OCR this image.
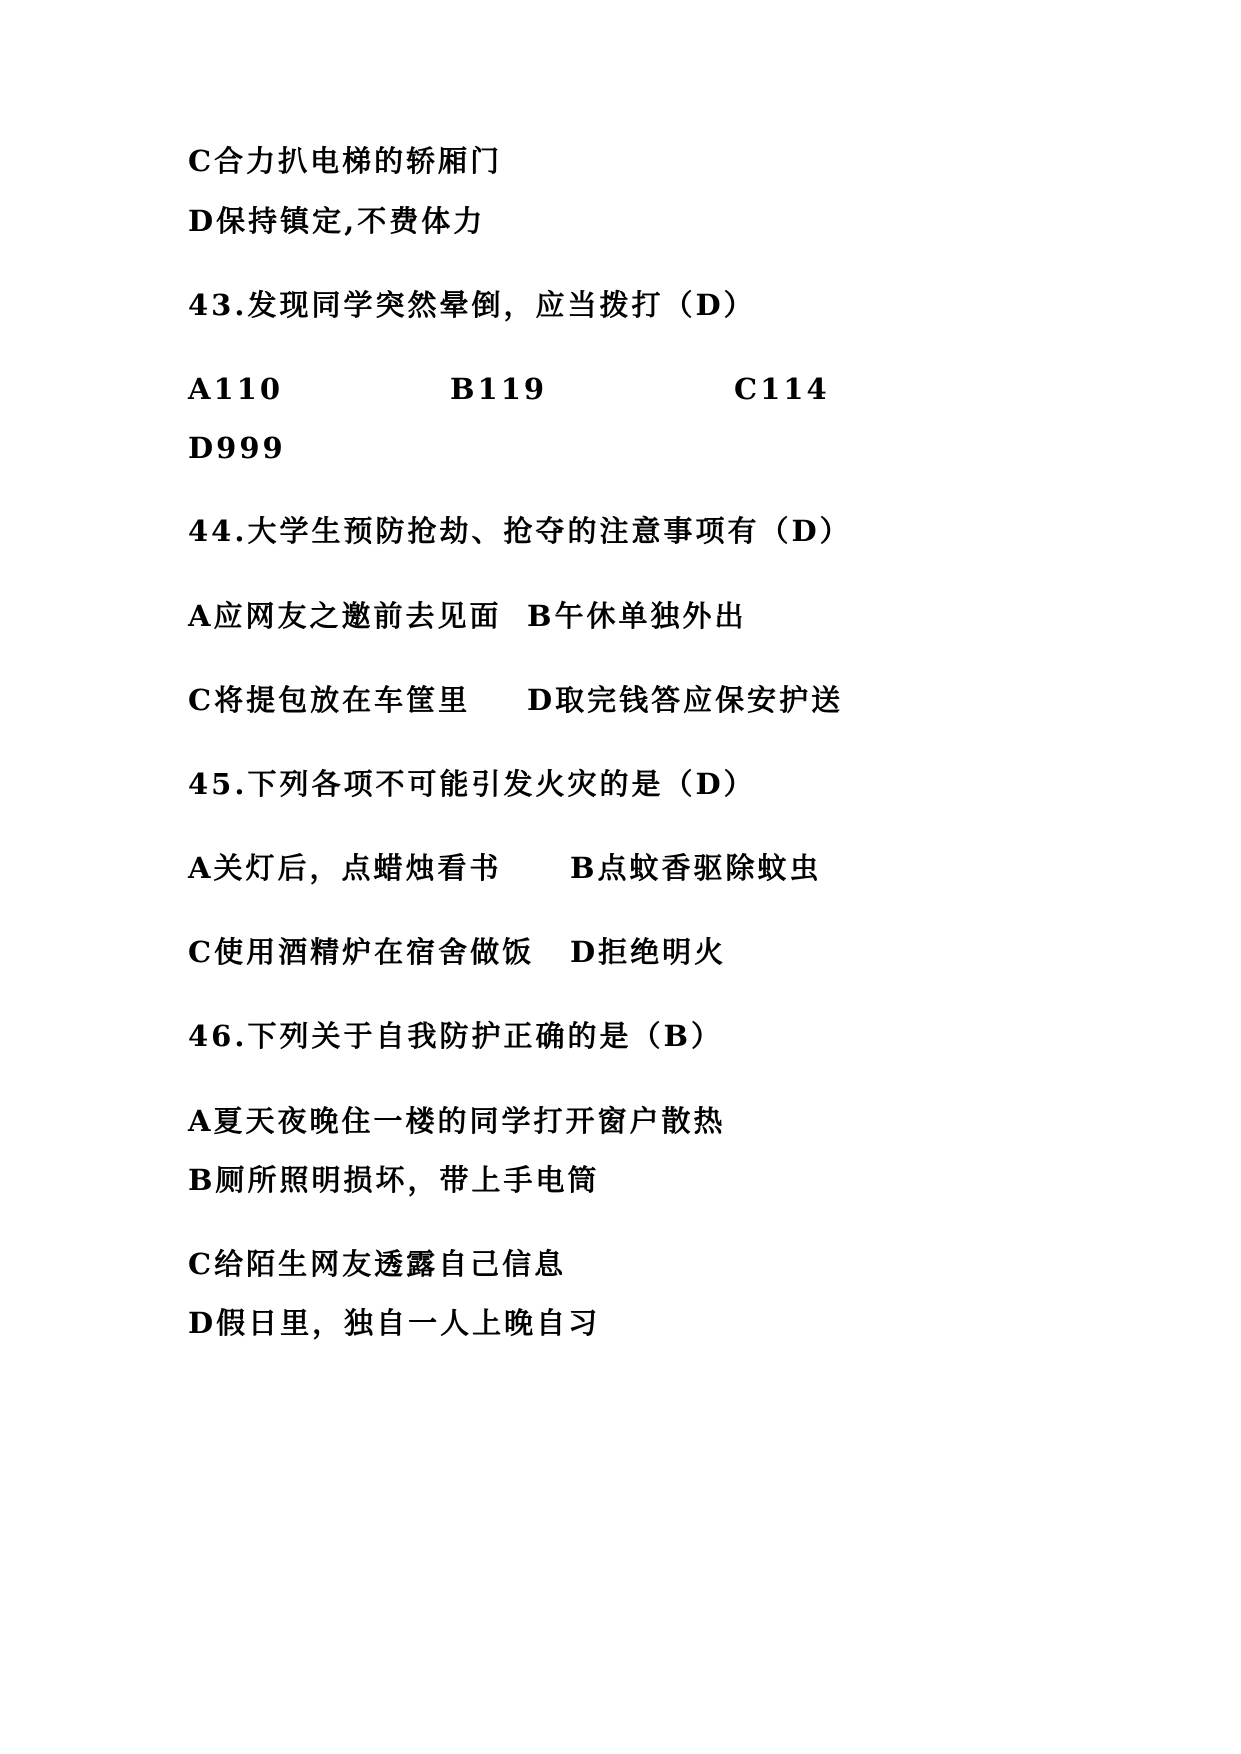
C合力扒电梯的轿厢门
D保持镇定,不费体力
43.发现同学突然晕倒，应当拨打（D）
A110	B119	C114
D999
44.大学生预防抢劫、抢夺的注意事项有（D）
A应网友之邀前去见面 B午休单独外出
C将提包放在车筐里 D取完钱答应保安护送
45.下列各项不可能引发火灾的是（D）
A关灯后，点蜡烛看书 B点蚊香驱除蚊虫
C使用酒精炉在宿舍做饭 D拒绝明火
46.下列关于自我防护正确的是（B）
A夏天夜晚住一楼的同学打开窗户散热
B厕所照明损坏，带上手电筒
C给陌生网友透露自己信息
D假日里，独自一人上晚自习
